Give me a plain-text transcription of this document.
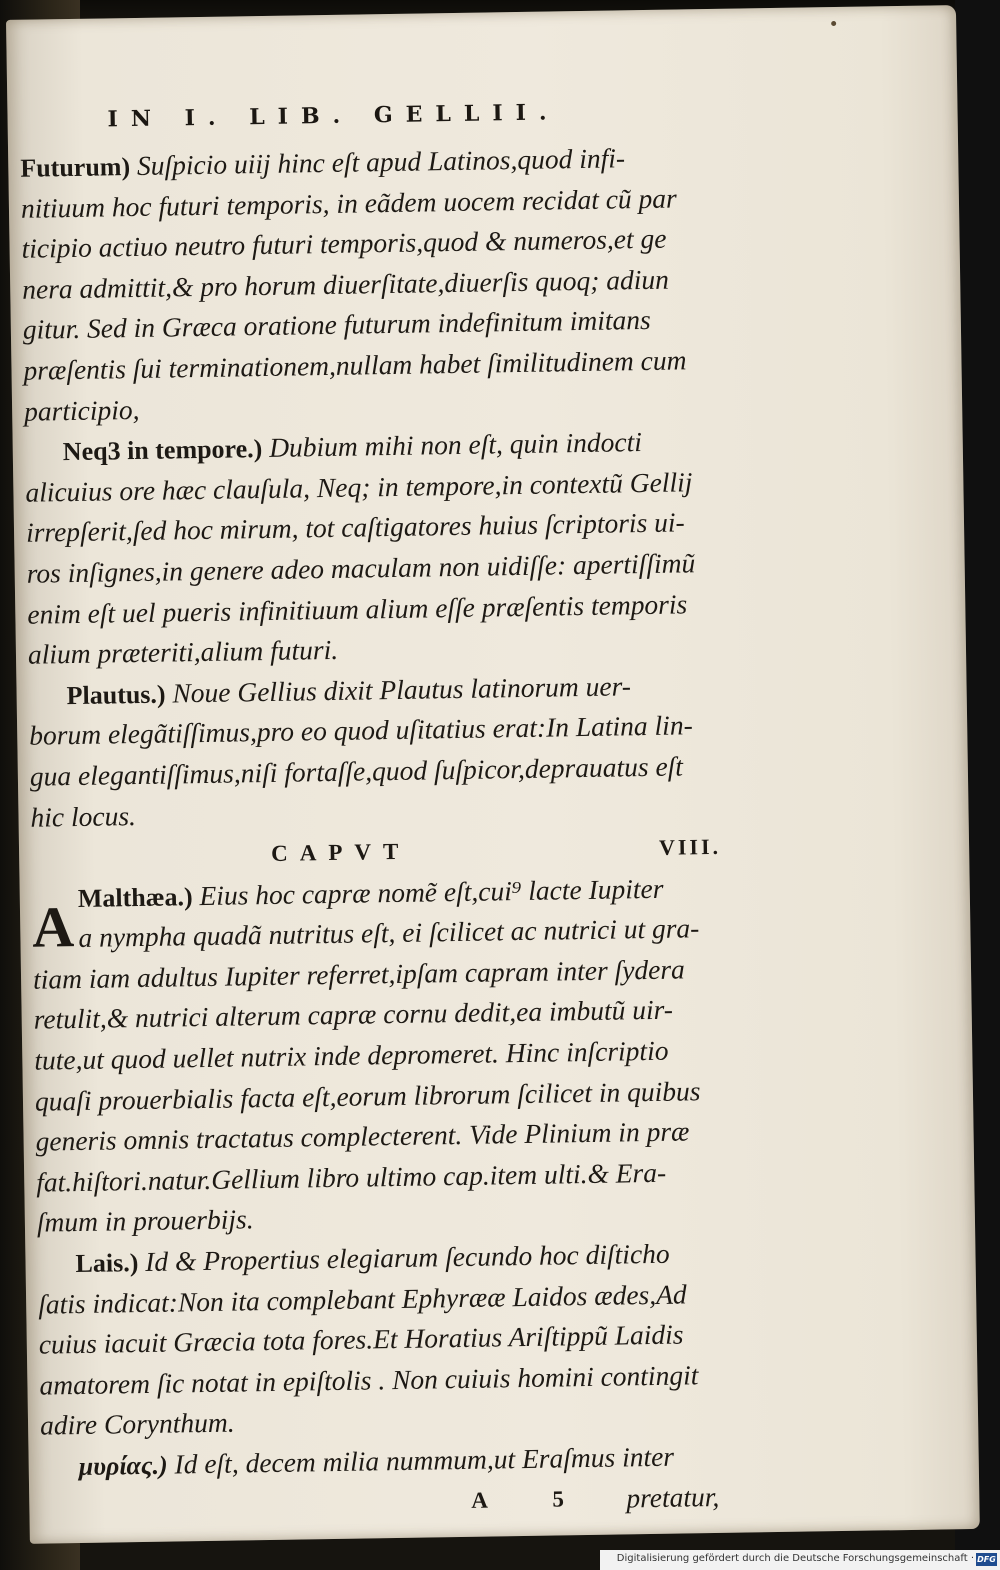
IN I. LIB. GELLII.
Futurum) Suſpicio uiij hinc eſt apud Latinos,quod infi-
nitiuum hoc futuri temporis, in eãdem uocem recidat cũ par
ticipio actiuo neutro futuri temporis,quod & numeros,et ge
nera admittit,& pro horum diuerſitate,diuerſis quoq; adiun
gitur. Sed in Græca oratione futurum indefinitum imitans
præſentis ſui terminationem,nullam habet ſimilitudinem cum
participio,
Neq3 in tempore.) Dubium mihi non eſt, quin indocti
alicuius ore hæc clauſula, Neq; in tempore,in contextũ Gellij
irrepſerit,ſed hoc mirum, tot caſtigatores huius ſcriptoris ui-
ros inſignes,in genere adeo maculam non uidiſſe: apertiſſimũ
enim eſt uel pueris infinitiuum alium eſſe præſentis temporis
alium præteriti,alium futuri.
Plautus.) Noue Gellius dixit Plautus latinorum uer-
borum elegãtiſſimus,pro eo quod uſitatius erat:In Latina lin-
gua elegantiſſimus,niſi fortaſſe,quod ſuſpicor,deprauatus eſt
hic locus.
CAPVT	VIII.
A Malthæa.) Eius hoc capræ nomẽ eſt,cui⁹ lacte Iupiter
a nympha quadã nutritus eſt, ei ſcilicet ac nutrici ut gra-
tiam iam adultus Iupiter referret,ipſam capram inter ſydera
retulit,& nutrici alterum capræ cornu dedit,ea imbutũ uir-
tute,ut quod uellet nutrix inde depromeret. Hinc inſcriptio
quaſi prouerbialis facta eſt,eorum librorum ſcilicet in quibus
generis omnis tractatus complecterent. Vide Plinium in præ
fat.hiſtori.natur.Gellium libro ultimo cap.item ulti.& Era-
ſmum in prouerbijs.
Lais.) Id & Propertius elegiarum ſecundo hoc diſticho
ſatis indicat:Non ita complebant Ephyrææ Laidos ædes,Ad
cuius iacuit Græcia tota fores.Et Horatius Ariſtippũ Laidis
amatorem ſic notat in epiſtolis . Non cuiuis homini contingit
adire Corynthum.
μυρίας.) Id eſt, decem milia nummum,ut Eraſmus inter
A 5 pretatur,
Digitalisierung gefördert durch die Deutsche Forschungsgemeinschaft · DFG
